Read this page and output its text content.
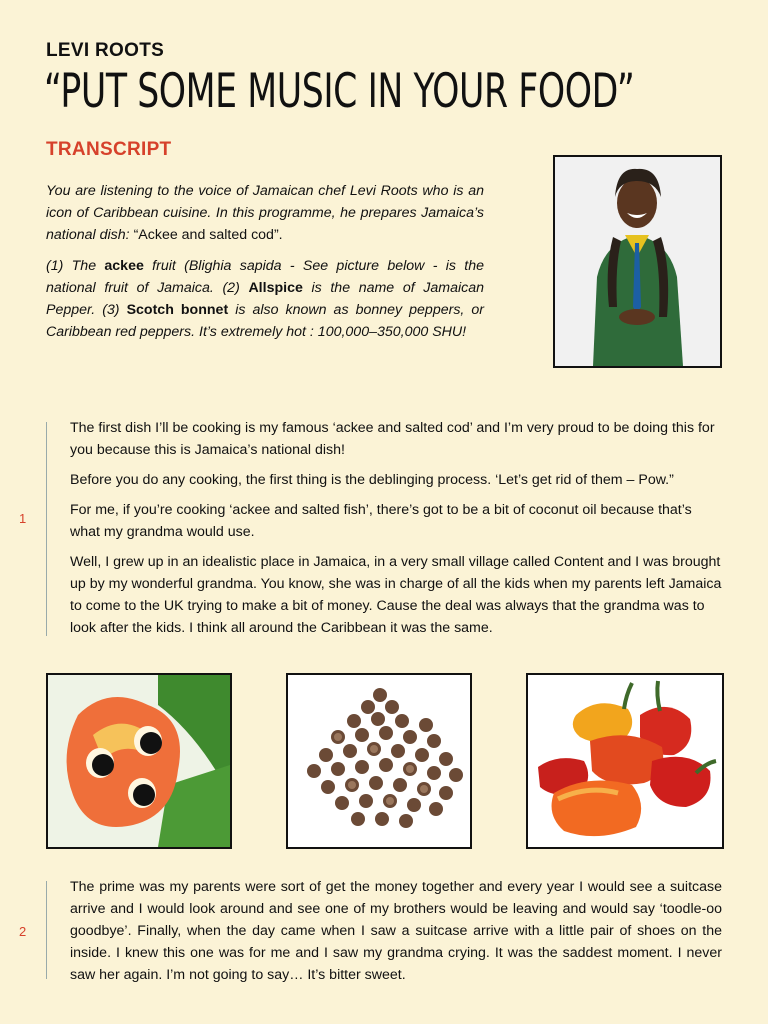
LEVI ROOTS
“PUT SOME MUSIC IN YOUR FOOD”
TRANSCRIPT
You are listening to the voice of Jamaican chef Levi Roots who is an icon of Caribbean cuisine. In this programme, he prepares Jamaica’s national dish: “Ackee and salted cod”.
(1) The ackee fruit (Blighia sapida - See picture below - is the national fruit of Jamaica. (2) Allspice is the name of Jamaican Pepper. (3) Scotch bonnet is also known as bonney peppers, or Caribbean red peppers. It’s extremely hot : 100,000–350,000 SHU!
1

The first dish I’ll be cooking is my famous ‘ackee and salted cod’ and I’m very proud to be doing this for you because this is Jamaica’s national dish!

Before you do any cooking, the first thing is the deblinging process. ‘Let’s get rid of them – Pow.”

For me, if you’re cooking ‘ackee and salted fish’, there’s got to be a bit of coconut oil because that’s what my grandma would use.

Well, I grew up in an idealistic place in Jamaica, in a very small village called Content and I was brought up by my wonderful grandma. You know, she was in charge of all the kids when my parents left Jamaica to come to the UK trying to make a bit of money. Cause the deal was always that the grandma was to look after the kids. I think all around the Caribbean it was the same.

2

The prime was my parents were sort of get the money together and every year I would see a suitcase arrive and I would look around and see one of my brothers would be leaving and would say ‘toodle-oo goodbye’. Finally, when the day came when I saw a suitcase arrive with a little pair of shoes on the inside. I knew this one was for me and I saw my grandma crying. It was the saddest moment. I never saw her again. I’m not going to say… It’s bitter sweet.
